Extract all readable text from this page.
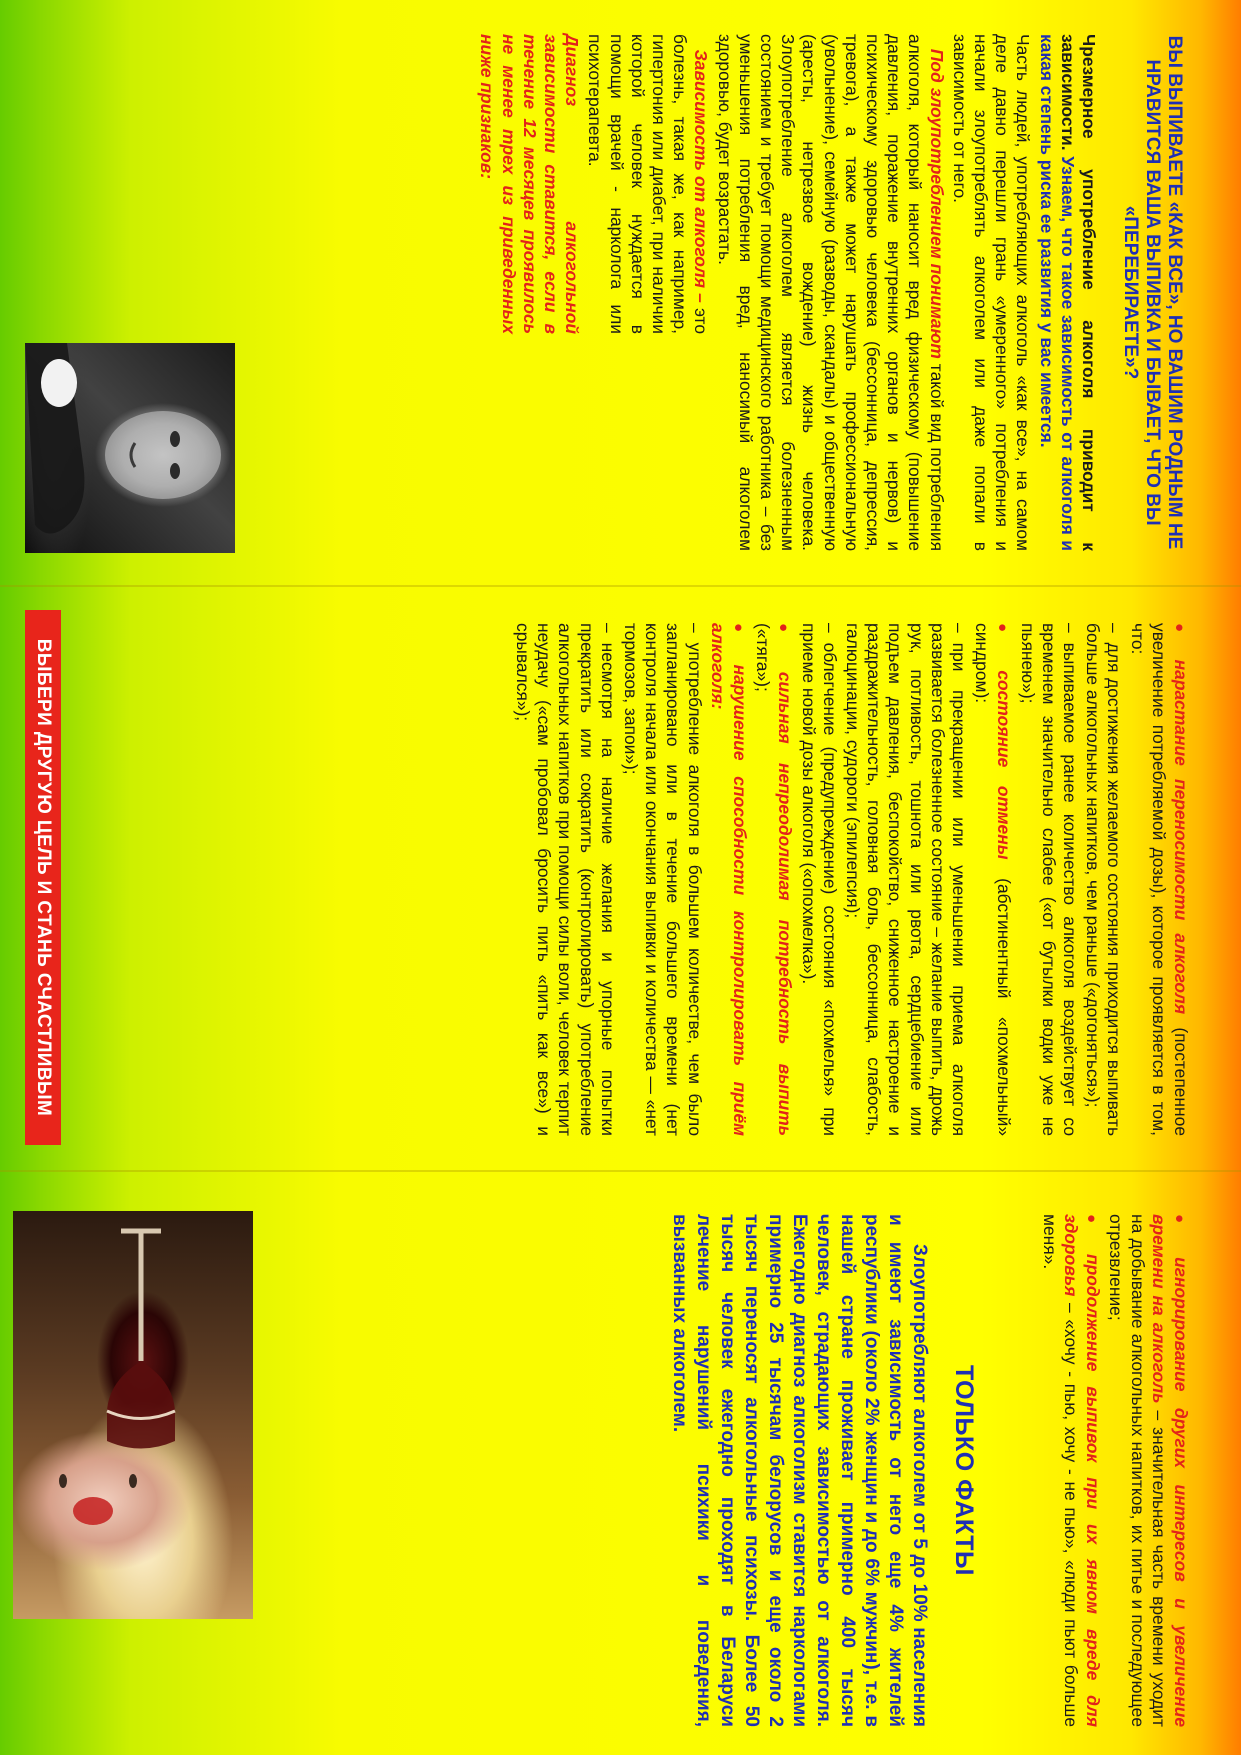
ВЫ ВЫПИВАЕТЕ «КАК ВСЕ», НО ВАШИМ РОДНЫМ НЕ НРАВИТСЯ ВАША ВЫПИВКА И БЫВАЕТ, ЧТО ВЫ «ПЕРЕБИРАЕТЕ»?

Чрезмерное употребление алкоголя приводит к зависимости. Узнаем, что такое зависимость от алкоголя и какая степень риска ее развития у вас имеется.

Часть людей, употребляющих алкоголь «как все», на самом деле давно перешли грань «умеренного» потребления и начали злоупотреблять алкоголем или даже попали в зависимость от него.

Под злоупотреблением понимают такой вид потребления алкоголя, который наносит вред физическому (повышение давления, поражение внутренних органов и нервов) и психическому здоровью человека (бессонница, депрессия, тревога), а также может нарушать профессиональную (увольнение), семейную (разводы, скандалы) и общественную (аресты, нетрезвое вождение) жизнь человека. Злоупотребление алкоголем является болезненным состоянием и требует помощи медицинского работника – без уменьшения потребления вред, наносимый алкоголем здоровью, будет возрастать.

Зависимость от алкоголя – это болезнь, такая же, как например, гипертония или диабет, при наличии которой человек нуждается в помощи врачей - нарколога или психотерапевта.

Диагноз алкогольной зависимости ставится, если в течение 12 месяцев проявилось не менее трех из приведенных ниже признаков:

● нарастание переносимости алкоголя (постепенное увеличение потребляемой дозы), которое проявляется в том, что:

– для достижения желаемого состояния приходится выпивать больше алкогольных напитков, чем раньше («догоняться»);

– выпиваемое ранее количество алкоголя воздействует со временем значительно слабее («от бутылки водки уже не пьянею»);

● состояние отмены (абстинентный «похмельный» синдром):

– при прекращении или уменьшении приема алкоголя развивается болезненное состояние – желание выпить, дрожь рук, потливость, тошнота или рвота, сердцебиение или подъем давления, беспокойство, сниженное настроение и раздражительность, головная боль, бессонница, слабость, галюцинации, судороги (эпилепсия);

– облегчение (предупреждение) состояния «похмелья» при приеме новой дозы алкоголя («опохмелка»).

● сильная непреодолимая потребность выпить («тяга»);

● нарушение способности контролировать приём алкоголя:

– употребление алкоголя в большем количестве, чем было запланировано или в течение большего времени (нет контроля начала или окончания выпивки и количества — «нет тормозов, запои»);

– несмотря на наличие желания и упорные попытки прекратить или сократить (контролировать) употребление алкогольных напитков при помощи силы воли, человек терпит неудачу («сам пробовал бросить пить «пить как все») и срывался»);

ВЫБЕРИ ДРУГУЮ ЦЕЛЬ И СТАНЬ СЧАСТЛИВЫМ

● игнорирование других интересов и увеличение времени на алкоголь – значительная часть времени уходит на добывание алкогольных напитков, их питье и последующее отрезвление;

● продолжение выпивок при их явном вреде для здоровья – «хочу - пью, хочу - не пью», «люди пьют больше меня».

ТОЛЬКО ФАКТЫ

Злоупотребляют алкоголем от 5 до 10% населения и имеют зависимость от него еще 4% жителей республики (около 2% женщин и до 6% мужчин), т.е. в нашей стране проживает примерно 400 тысяч человек, страдающих зависимостью от алкоголя. Ежегодно диагноз алкоголизм ставится наркологами примерно 25 тысячам белорусов и еще около 2 тысяч переносят алкогольные психозы. Более 50 тысяч человек ежегодно проходят в Беларуси лечение нарушений психики и поведения, вызванных алкоголем.
